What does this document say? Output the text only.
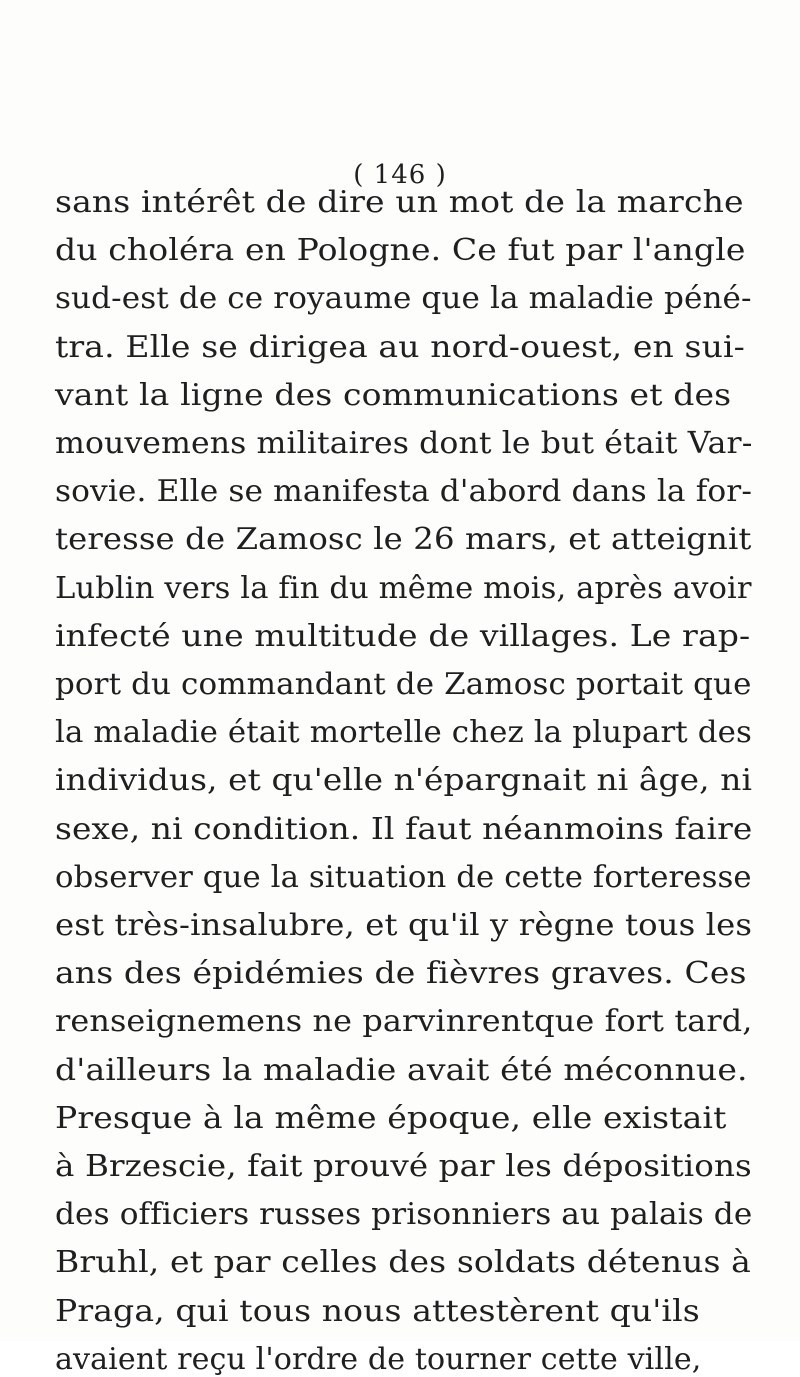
( 146 )
sans intérêt de dire un mot de la marche
du choléra en Pologne. Ce fut par l'angle
sud-est de ce royaume que la maladie péné-
tra. Elle se dirigea au nord-ouest, en sui-
vant la ligne des communications et des
mouvemens militaires dont le but était Var-
sovie. Elle se manifesta d'abord dans la for-
teresse de Zamosc le 26 mars, et atteignit
Lublin vers la fin du même mois, après avoir
infecté une multitude de villages. Le rap-
port du commandant de Zamosc portait que
la maladie était mortelle chez la plupart des
individus, et qu'elle n'épargnait ni âge, ni
sexe, ni condition. Il faut néanmoins faire
observer que la situation de cette forteresse
est très-insalubre, et qu'il y règne tous les
ans des épidémies de fièvres graves. Ces
renseignemens ne parvinrentque fort tard,
d'ailleurs la maladie avait été méconnue.
Presque à la même époque, elle existait
à Brzescie, fait prouvé par les dépositions
des officiers russes prisonniers au palais de
Bruhl, et par celles des soldats détenus à
Praga, qui tous nous attestèrent qu'ils
avaient reçu l'ordre de tourner cette ville,
